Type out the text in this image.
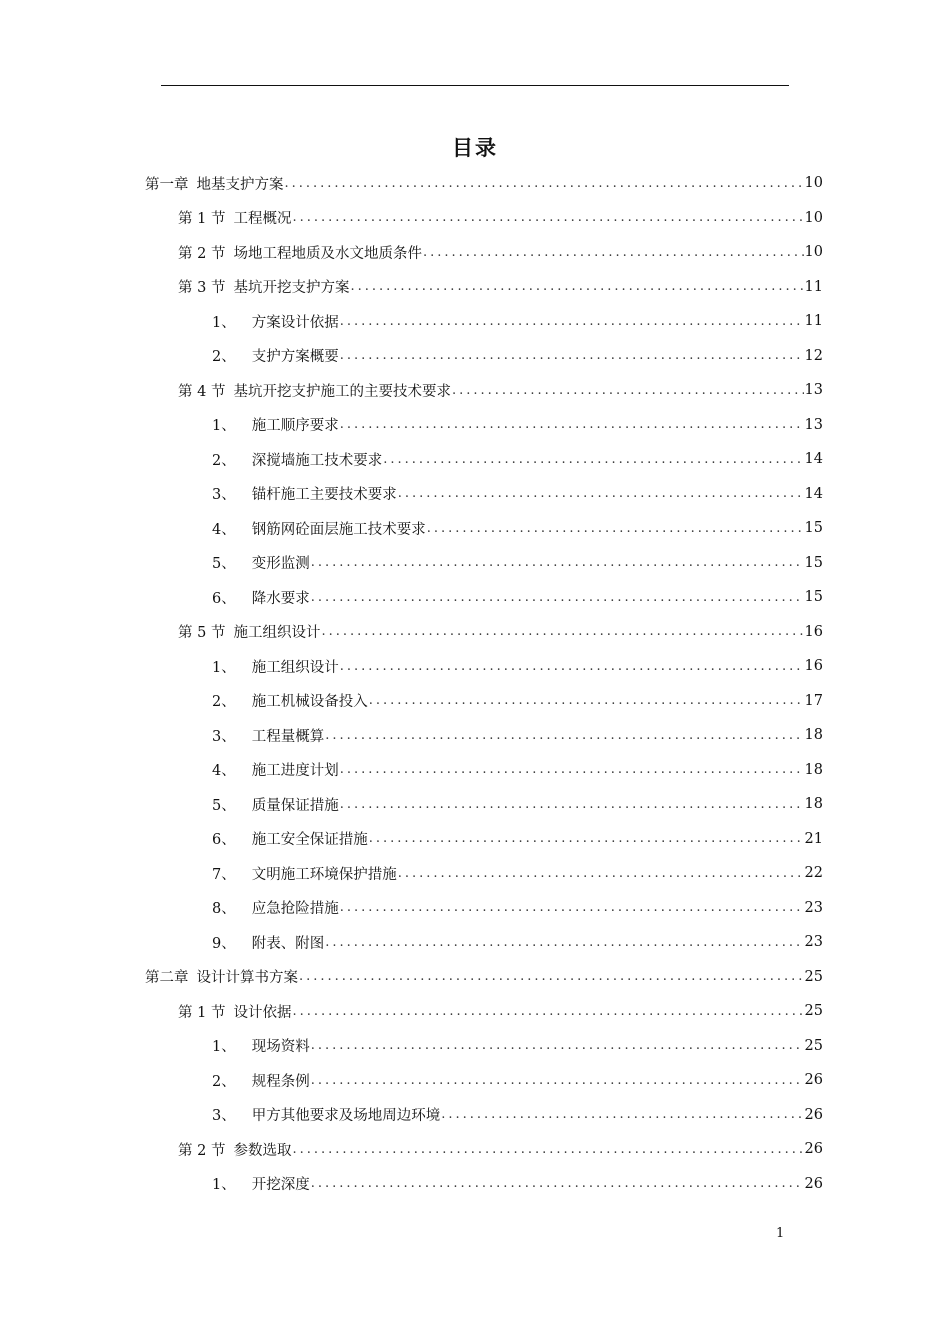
目录
第一章 地基支护方案 .....	10
第 1 节 工程概况 .....	10
第 2 节 场地工程地质及水文地质条件 .....	10
第 3 节 基坑开挖支护方案 .....	11
1、 方案设计依据 .....	11
2、 支护方案概要 .....	12
第 4 节 基坑开挖支护施工的主要技术要求 .....	13
1、 施工顺序要求 .....	13
2、 深搅墙施工技术要求 .....	14
3、 锚杆施工主要技术要求 .....	14
4、 钢筋网砼面层施工技术要求 .....	15
5、 变形监测 .....	15
6、 降水要求 .....	15
第 5 节 施工组织设计 .....	16
1、 施工组织设计 .....	16
2、 施工机械设备投入 .....	17
3、 工程量概算 .....	18
4、 施工进度计划 .....	18
5、 质量保证措施 .....	18
6、 施工安全保证措施 .....	21
7、 文明施工环境保护措施 .....	22
8、 应急抢险措施 .....	23
9、 附表、附图 .....	23
第二章 设计计算书方案 .....	25
第 1 节 设计依据 .....	25
1、 现场资料 .....	25
2、 规程条例 .....	26
3、 甲方其他要求及场地周边环境 .....	26
第 2 节 参数选取 .....	26
1、 开挖深度 .....	26
1
